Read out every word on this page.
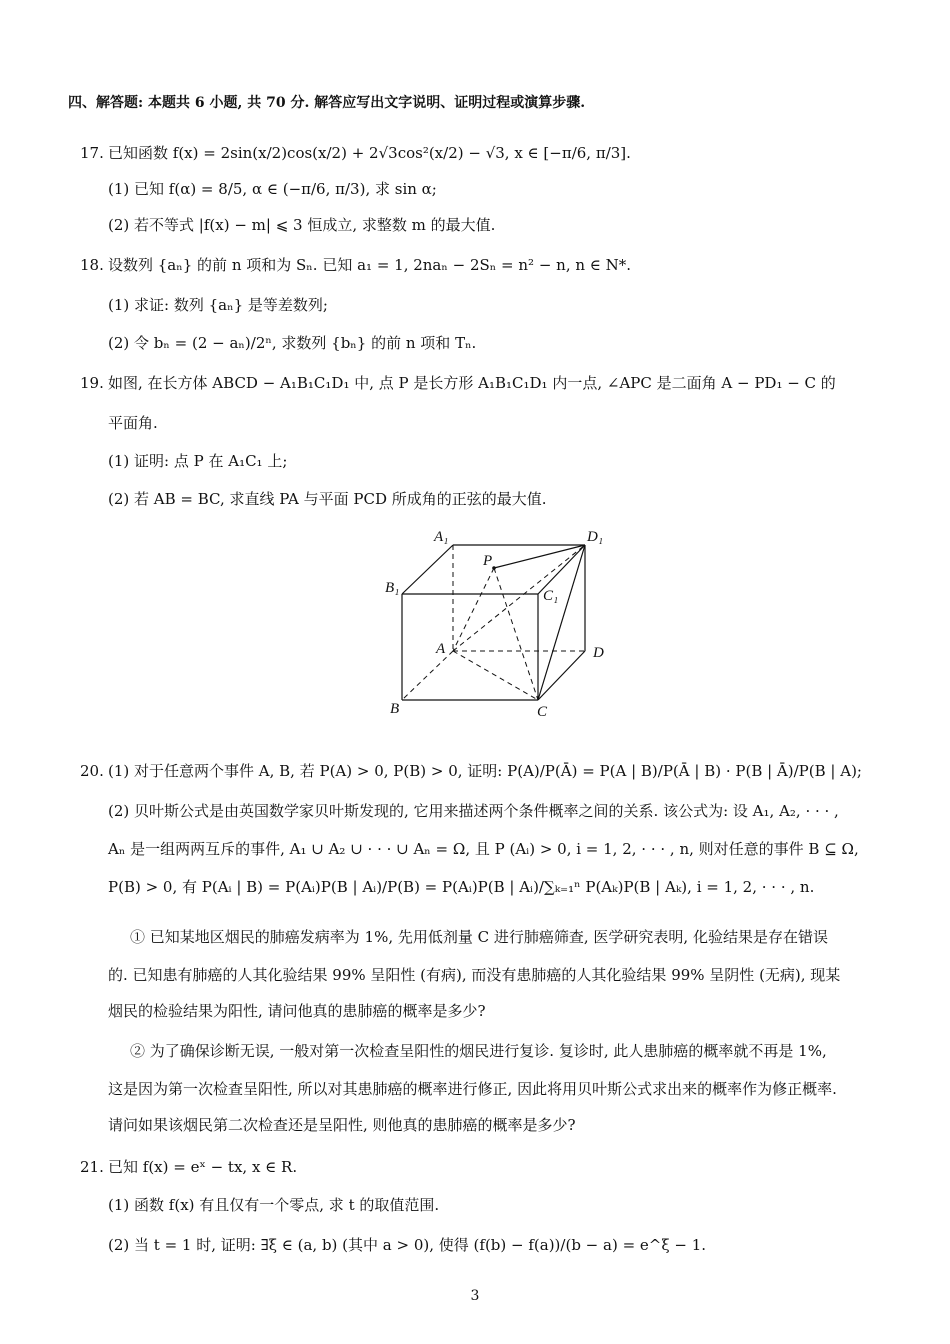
四、解答题: 本题共 6 小题, 共 70 分. 解答应写出文字说明、证明过程或演算步骤.
17. 已知函数 f(x) = 2sin(x/2)cos(x/2) + 2√3cos²(x/2) − √3, x ∈ [−π/6, π/3].
(1) 已知 f(α) = 8/5, α ∈ (−π/6, π/3), 求 sin α;
(2) 若不等式 |f(x) − m| ⩽ 3 恒成立, 求整数 m 的最大值.
18. 设数列 {aₙ} 的前 n 项和为 Sₙ. 已知 a₁ = 1, 2naₙ − 2Sₙ = n² − n, n ∈ N*.
(1) 求证: 数列 {aₙ} 是等差数列;
(2) 令 bₙ = (2 − aₙ)/2ⁿ, 求数列 {bₙ} 的前 n 项和 Tₙ.
19. 如图, 在长方体 ABCD − A₁B₁C₁D₁ 中, 点 P 是长方形 A₁B₁C₁D₁ 内一点, ∠APC 是二面角 A − PD₁ − C 的
平面角.
(1) 证明: 点 P 在 A₁C₁ 上;
(2) 若 AB = BC, 求直线 PA 与平面 PCD 所成角的正弦的最大值.
A₁	D₁
P
B₁	C₁
A	D
B	C
20. (1) 对于任意两个事件 A, B, 若 P(A) > 0, P(B) > 0, 证明: P(A)/P(Ā) = P(A | B)/P(Ā | B) · P(B | Ā)/P(B | A);
(2) 贝叶斯公式是由英国数学家贝叶斯发现的, 它用来描述两个条件概率之间的关系. 该公式为: 设 A₁, A₂, · · · ,
Aₙ 是一组两两互斥的事件, A₁ ∪ A₂ ∪ · · · ∪ Aₙ = Ω, 且 P (Aᵢ) > 0, i = 1, 2, · · · , n, 则对任意的事件 B ⊆ Ω,
P(B) > 0, 有 P(Aᵢ | B) = P(Aᵢ)P(B | Aᵢ)/P(B) = P(Aᵢ)P(B | Aᵢ)/∑ₖ₌₁ⁿ P(Aₖ)P(B | Aₖ), i = 1, 2, · · · , n.
① 已知某地区烟民的肺癌发病率为 1%, 先用低剂量 C 进行肺癌筛查, 医学研究表明, 化验结果是存在错误
的. 已知患有肺癌的人其化验结果 99% 呈阳性 (有病), 而没有患肺癌的人其化验结果 99% 呈阴性 (无病), 现某
烟民的检验结果为阳性, 请问他真的患肺癌的概率是多少?
② 为了确保诊断无误, 一般对第一次检查呈阳性的烟民进行复诊. 复诊时, 此人患肺癌的概率就不再是 1%,
这是因为第一次检查呈阳性, 所以对其患肺癌的概率进行修正, 因此将用贝叶斯公式求出来的概率作为修正概率.
请问如果该烟民第二次检查还是呈阳性, 则他真的患肺癌的概率是多少?
21. 已知 f(x) = eˣ − tx, x ∈ R.
(1) 函数 f(x) 有且仅有一个零点, 求 t 的取值范围.
(2) 当 t = 1 时, 证明: ∃ξ ∈ (a, b) (其中 a > 0), 使得 (f(b) − f(a))/(b − a) = e^ξ − 1.
3
